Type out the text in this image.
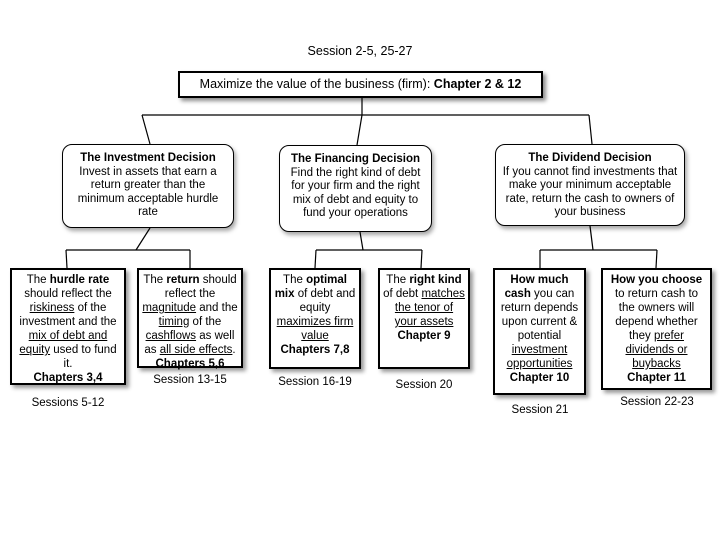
Session 2-5, 25-27
Maximize the value of the business (firm): Chapter 2 & 12
The Investment Decision
Invest in assets that earn a return greater than the minimum acceptable hurdle rate
The Financing Decision
Find the right kind of debt for your firm and the right mix of debt and equity to fund your operations
The Dividend Decision
If you cannot find investments that make your minimum acceptable rate, return the cash to owners of your business
The hurdle rate should reflect the riskiness of the investment and the mix of debt and equity used to fund it.
Chapters 3,4
The return should reflect the magnitude and the timing of the cashflows as well as all side effects.
Chapters 5,6
The optimal mix of debt and equity maximizes firm value
Chapters 7,8
The right kind of debt matches the tenor of your assets
Chapter 9
How much cash you can return depends upon current & potential investment opportunities
Chapter 10
How you choose to return cash to the owners will depend whether they prefer dividends or buybacks
Chapter 11
Sessions 5-12
Session 13-15	Session 16-19	Session 20
Session 21
Session 22-23
